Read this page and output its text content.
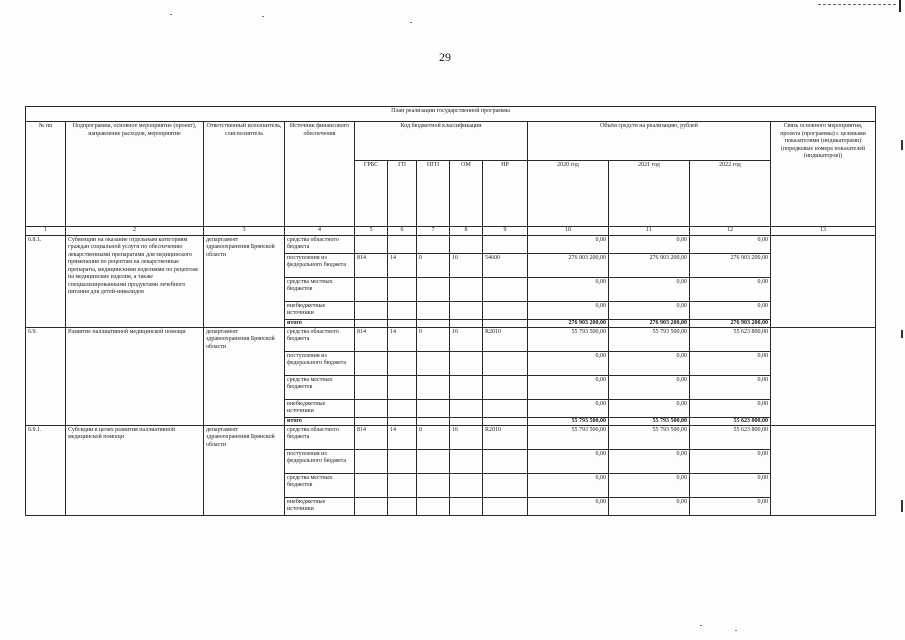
29
План реализации государственной программы												
№ пп	Подпрограмма, основное мероприятие (проект), направление расходов, мероприятие	Ответственный исполнитель, соисполнитель	Источник финансового обеспечения	Код бюджетной классификации					Объём средств на реализацию, рублей			Связь основного мероприятия, проекта (программы) с целевыми показателями (индикаторами) (порядковые номера показателей (индикаторов))
				ГРБС	ГП	ПГП	ОМ	НР	2020 год	2021 год	2022 год	
1	2	3	4	5	6	7	8	9	10	11	12	13
6.8.1.	Субвенции на оказание отдельным категориям граждан социальной услуги по обеспечению лекарственными препаратами для медицинского применения по рецептам на лекарственные препараты, медицинскими изделиями по рецептам на медицинские изделия, а также специализированными продуктами лечебного питания для детей-инвалидов	департамент здравоохранения Брянской области	средства областного бюджета						0,00	0,00	0,00	
			поступления из федерального бюджета	814	14	0	16	54600	276 903 200,00	276 903 200,00	276 903 200,00	
			средства местных бюджетов						0,00	0,00	0,00	
			внебюджетные источники						0,00	0,00	0,00	
			итого						276 903 200,00	276 903 200,00	276 903 200,00	
6.9.	Развитие паллиативной медицинской помощи	департамент здравоохранения Брянской области	средства областного бюджета	814	14	0	16	R2010	55 793 500,00	55 793 500,00	55 623 800,00	
			поступления из федерального бюджета						0,00	0,00	0,00	
			средства местных бюджетов						0,00	0,00	0,00	
			внебюджетные источники						0,00	0,00	0,00	
			итого						55 793 500,00	55 793 500,00	55 623 800,00	
6.9.1.	Субсидии в целях развития паллиативной медицинской помощи	департамент здравоохранения Брянской области	средства областного бюджета	814	14	0	16	R2010	55 793 500,00	55 793 500,00	55 623 800,00	
			поступления из федерального бюджета						0,00	0,00	0,00	
			средства местных бюджетов						0,00	0,00	0,00	
			внебюджетные источники						0,00	0,00	0,00	
